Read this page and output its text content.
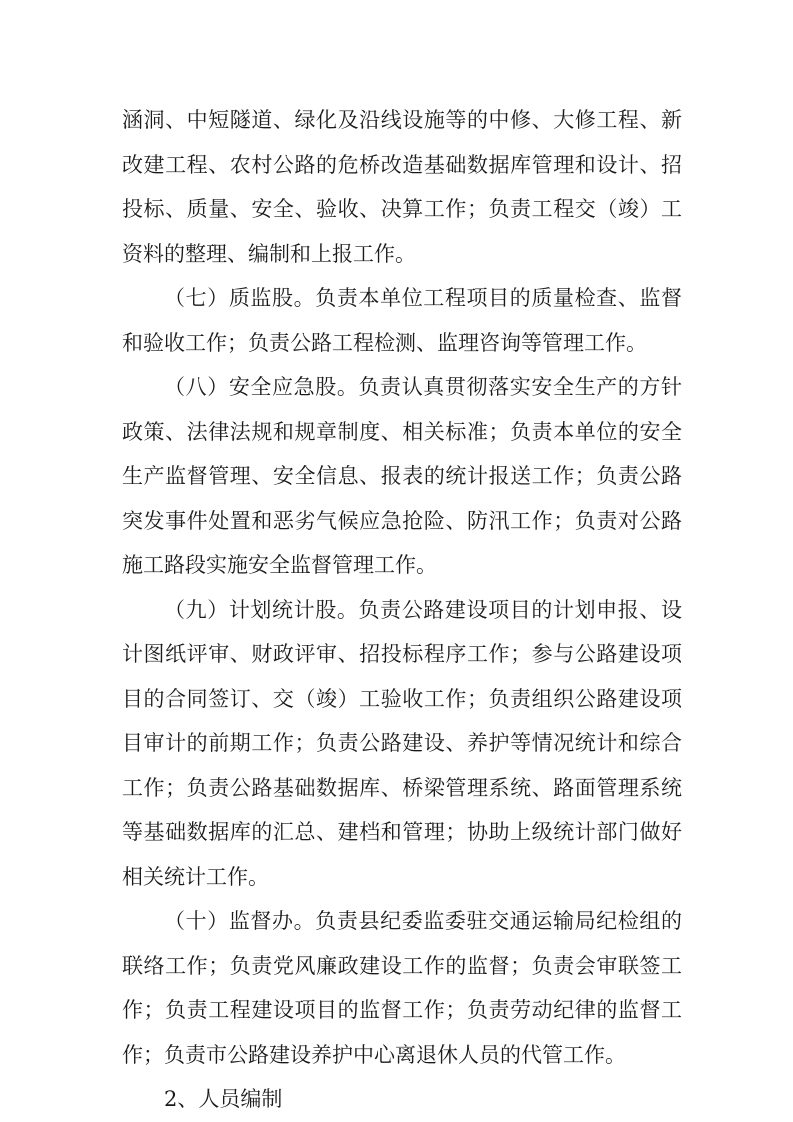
涵洞、中短隧道、绿化及沿线设施等的中修、大修工程、新改建工程、农村公路的危桥改造基础数据库管理和设计、招投标、质量、安全、验收、决算工作；负责工程交（竣）工资料的整理、编制和上报工作。

（七）质监股。负责本单位工程项目的质量检查、监督和验收工作；负责公路工程检测、监理咨询等管理工作。

（八）安全应急股。负责认真贯彻落实安全生产的方针政策、法律法规和规章制度、相关标准；负责本单位的安全生产监督管理、安全信息、报表的统计报送工作；负责公路突发事件处置和恶劣气候应急抢险、防汛工作；负责对公路施工路段实施安全监督管理工作。

（九）计划统计股。负责公路建设项目的计划申报、设计图纸评审、财政评审、招投标程序工作；参与公路建设项目的合同签订、交（竣）工验收工作；负责组织公路建设项目审计的前期工作；负责公路建设、养护等情况统计和综合工作；负责公路基础数据库、桥梁管理系统、路面管理系统等基础数据库的汇总、建档和管理；协助上级统计部门做好相关统计工作。

（十）监督办。负责县纪委监委驻交通运输局纪检组的联络工作；负责党风廉政建设工作的监督；负责会审联签工作；负责工程建设项目的监督工作；负责劳动纪律的监督工作；负责市公路建设养护中心离退休人员的代管工作。

2、人员编制
